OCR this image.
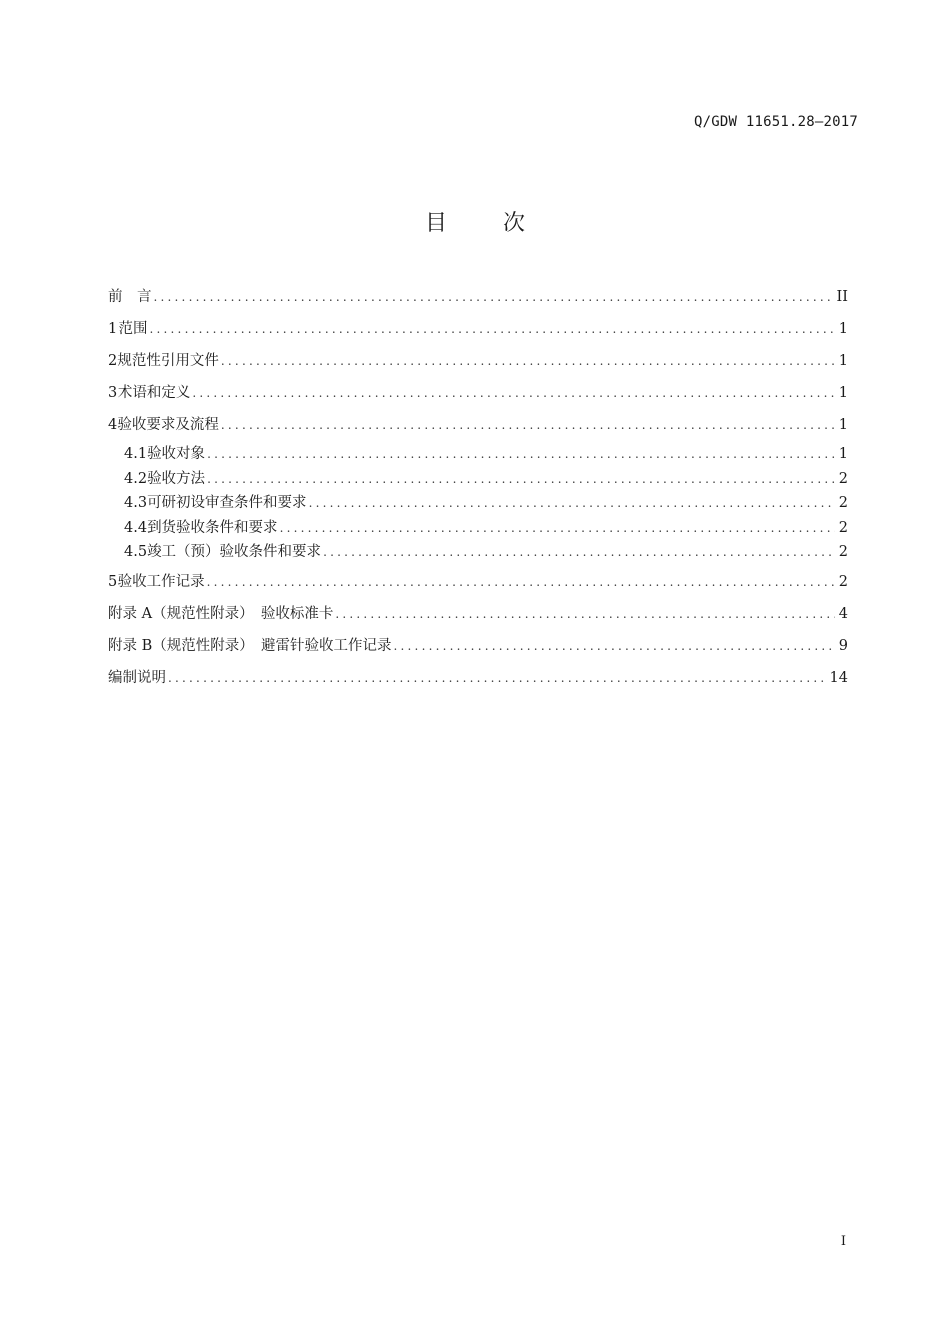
Q/GDW 11651.28—2017
目	次
前　言 .....	II
1 范围 .....	1
2 规范性引用文件 .....	1
3 术语和定义 .....	1
4 验收要求及流程 .....	1
4.1 验收对象 .....	1
4.2 验收方法 .....	2
4.3 可研初设审查条件和要求 .....	2
4.4 到货验收条件和要求 .....	2
4.5 竣工（预）验收条件和要求 .....	2
5 验收工作记录 .....	2
附录 A（规范性附录）　验收标准卡 .....	4
附录 B（规范性附录）　避雷针验收工作记录 .....	9
编制说明 .....	14
I
